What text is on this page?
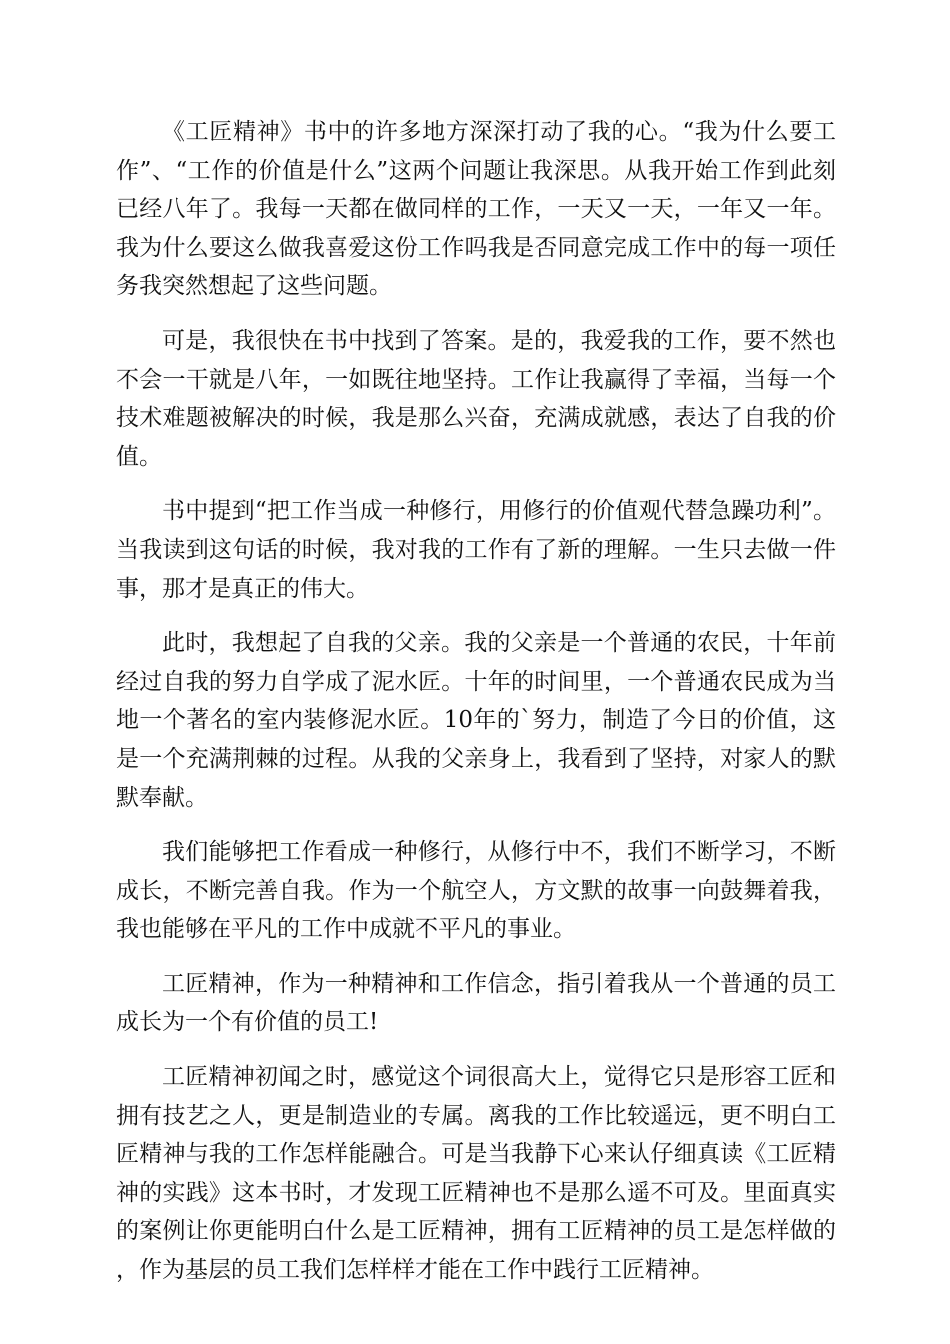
《工匠精神》书中的许多地方深深打动了我的心。“我为什么要工作”、“工作的价值是什么”这两个问题让我深思。从我开始工作到此刻已经八年了。我每一天都在做同样的工作，一天又一天，一年又一年。我为什么要这么做我喜爱这份工作吗我是否同意完成工作中的每一项任务我突然想起了这些问题。

可是，我很快在书中找到了答案。是的，我爱我的工作，要不然也不会一干就是八年，一如既往地坚持。工作让我赢得了幸福，当每一个技术难题被解决的时候，我是那么兴奋，充满成就感，表达了自我的价值。

书中提到“把工作当成一种修行，用修行的价值观代替急躁功利”。当我读到这句话的时候，我对我的工作有了新的理解。一生只去做一件事，那才是真正的伟大。

此时，我想起了自我的父亲。我的父亲是一个普通的农民，十年前经过自我的努力自学成了泥水匠。十年的时间里，一个普通农民成为当地一个著名的室内装修泥水匠。10年的`努力，制造了今日的价值，这是一个充满荆棘的过程。从我的父亲身上，我看到了坚持，对家人的默默奉献。

我们能够把工作看成一种修行，从修行中不，我们不断学习，不断成长，不断完善自我。作为一个航空人，方文默的故事一向鼓舞着我，我也能够在平凡的工作中成就不平凡的事业。

工匠精神，作为一种精神和工作信念，指引着我从一个普通的员工成长为一个有价值的员工!

工匠精神初闻之时，感觉这个词很高大上，觉得它只是形容工匠和拥有技艺之人，更是制造业的专属。离我的工作比较遥远，更不明白工匠精神与我的工作怎样能融合。可是当我静下心来认仔细真读《工匠精神的实践》这本书时，才发现工匠精神也不是那么遥不可及。里面真实的案例让你更能明白什么是工匠精神，拥有工匠精神的员工是怎样做的，作为基层的员工我们怎样样才能在工作中践行工匠精神。
